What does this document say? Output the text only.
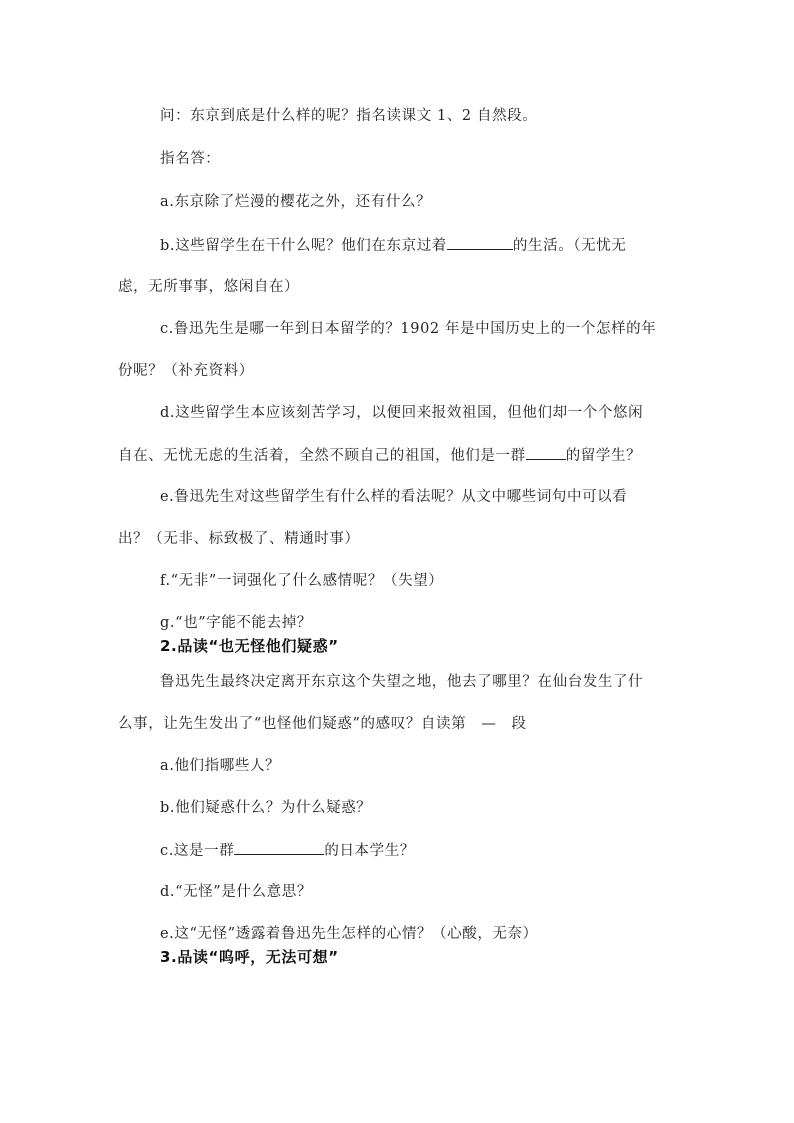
问：东京到底是什么样的呢？指名读课文 1、2 自然段。
指名答：
a.东京除了烂漫的樱花之外，还有什么？
b.这些留学生在干什么呢？他们在东京过着	的生活。（无忧无
虑，无所事事，悠闲自在）
c.鲁迅先生是哪一年到日本留学的？1902 年是中国历史上的一个怎样的年
份呢？（补充资料）
d.这些留学生本应该刻苦学习，以便回来报效祖国，但他们却一个个悠闲
自在、无忧无虑的生活着，全然不顾自己的祖国，他们是一群	的留学生？
e.鲁迅先生对这些留学生有什么样的看法呢？从文中哪些词句中可以看
出？（无非、标致极了、精通时事）
f.“无非”一词强化了什么感情呢？（失望）
g.“也”字能不能去掉？
2.品读“也无怪他们疑惑”
鲁迅先生最终决定离开东京这个失望之地，他去了哪里？在仙台发生了什
么事，让先生发出了“也怪他们疑惑”的感叹？自读第　—　段
a.他们指哪些人？
b.他们疑惑什么？为什么疑惑？
c.这是一群	的日本学生？
d.“无怪”是什么意思？
e.这“无怪”透露着鲁迅先生怎样的心情？（心酸，无奈）
3.品读“呜呼，无法可想”
